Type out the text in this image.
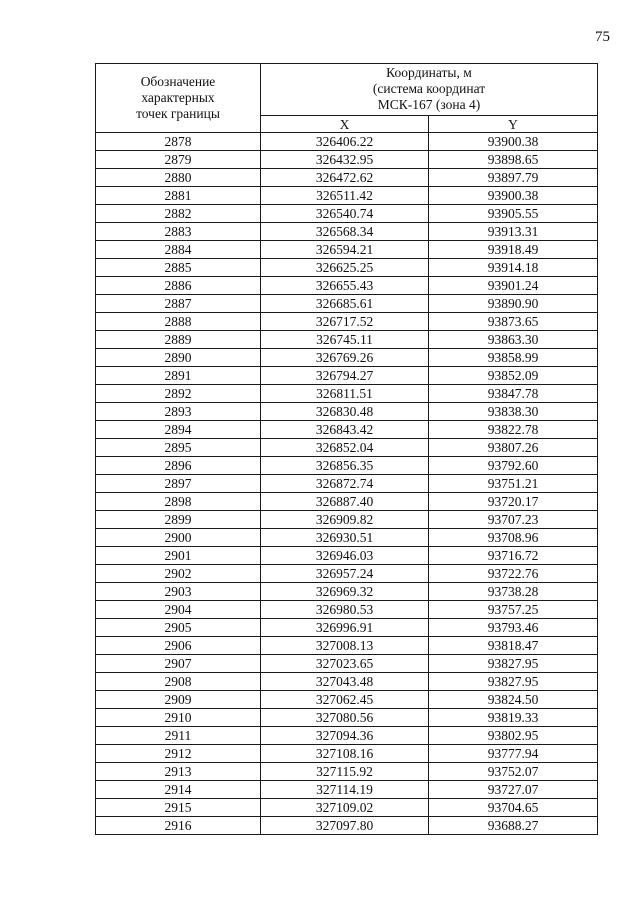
75
Обозначение
характерных
точек границы	Координаты, м
(система координат
МСК-167 (зона 4)	

	X	Y
2878	326406.22	93900.38
2879	326432.95	93898.65
2880	326472.62	93897.79
2881	326511.42	93900.38
2882	326540.74	93905.55
2883	326568.34	93913.31
2884	326594.21	93918.49
2885	326625.25	93914.18
2886	326655.43	93901.24
2887	326685.61	93890.90
2888	326717.52	93873.65
2889	326745.11	93863.30
2890	326769.26	93858.99
2891	326794.27	93852.09
2892	326811.51	93847.78
2893	326830.48	93838.30
2894	326843.42	93822.78
2895	326852.04	93807.26
2896	326856.35	93792.60
2897	326872.74	93751.21
2898	326887.40	93720.17
2899	326909.82	93707.23
2900	326930.51	93708.96
2901	326946.03	93716.72
2902	326957.24	93722.76
2903	326969.32	93738.28
2904	326980.53	93757.25
2905	326996.91	93793.46
2906	327008.13	93818.47
2907	327023.65	93827.95
2908	327043.48	93827.95
2909	327062.45	93824.50
2910	327080.56	93819.33
2911	327094.36	93802.95
2912	327108.16	93777.94
2913	327115.92	93752.07
2914	327114.19	93727.07
2915	327109.02	93704.65
2916	327097.80	93688.27
